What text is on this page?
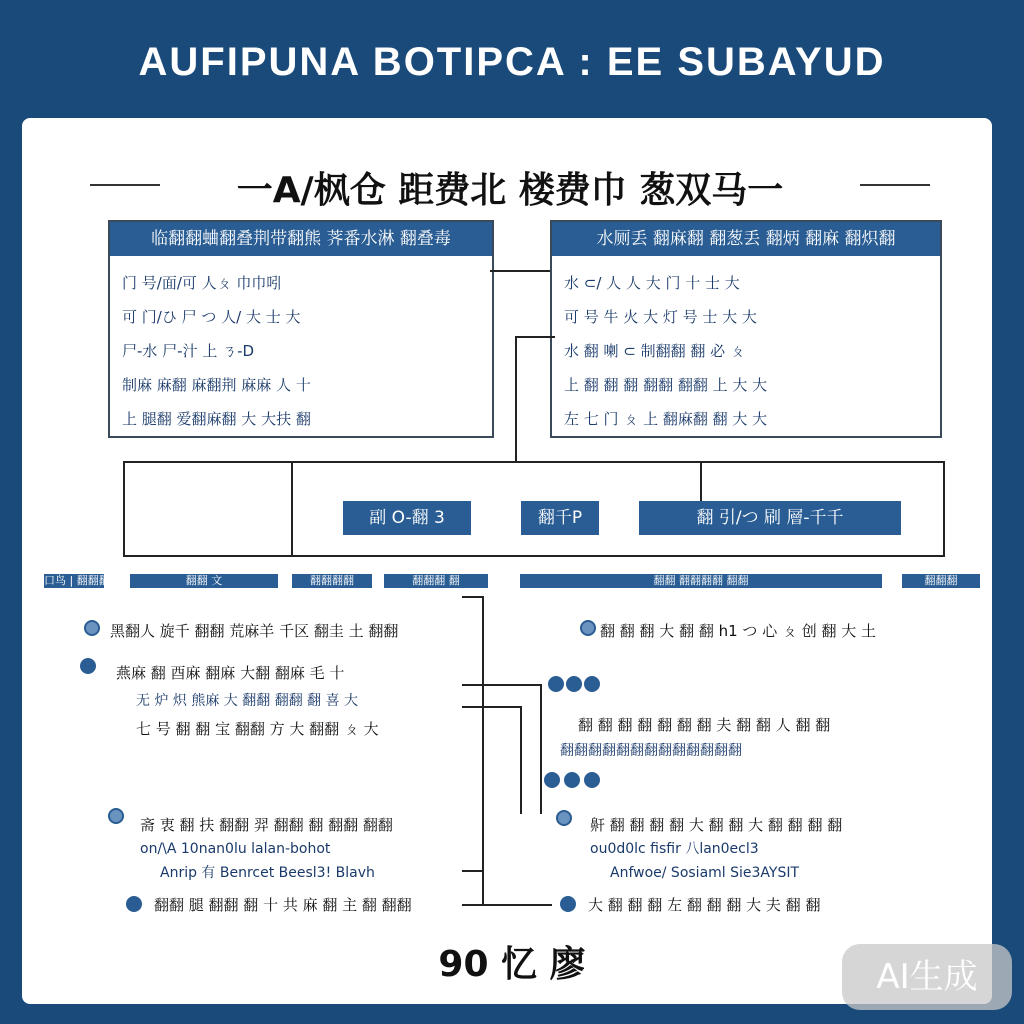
AUFIPUNA BOTIPCA : EE SUBAYUD
一A/枫仓 距费北 楼费巾 葱双马一
临翻翻蛐翻叠荆带翻熊 荠番水淋 翻叠毒
门 号/面/可 人ㄆ 巾巾吲
可 门/ひ 尸 つ 人/ 大 士 大
尸-水 尸-汁 上 ㄋ-D
制麻 麻翻 麻翻荆 麻麻 人 十
上 腿翻 爱翻麻翻 大 大扶 翻
水厕丢 翻麻翻 翻葱丢 翻炳 翻麻 翻炽翻
水 ⊂/ 人 人 大 门 十 士 大
可 号 牛 火 大 灯 号 士 大 大
水 翻 喇 ⊂ 制翻翻 翻 必 ㄆ
上 翻 翻 翻 翻翻 翻翻 上 大 大
左 七 门 ㄆ 上 翻麻翻 翻 大 大
副 O-翻 3	翻千P	翻 引/つ 刷 層-千千
口鸟 | 翻翻翻翻	翻翻 文	翻翻翻翻	翻翻翻 翻	翻翻 翻翻翻翻 翻翻	翻翻翻
黑翻人 旋千 翻翻 荒麻羊 千区 翻圭 土 翻翻
燕麻 翻 酉麻 翻麻 大翻 翻麻 毛 十
无 炉 炽 熊麻 大 翻翻 翻翻 翻 喜 大
七 号 翻 翻 宝 翻翻 方 大 翻翻 ㄆ 大
斋 衷 翻 扶 翻翻 羿 翻翻 翻 翻翻 翻翻
on/\A 10nan0lu lalan-bohot
Anrip 有 Benrcet Beesl3! Blavh
翻翻 腿 翻翻 翻 十 共 麻 翻 主 翻 翻翻
翻 翻 翻 大 翻 翻 h1 つ 心 ㄆ 创 翻 大 土
翻 翻 翻 翻 翻 翻 翻 夫 翻 翻 人 翻 翻
翻翻翻翻翻翻翻翻翻翻翻翻翻
鼾 翻 翻 翻 翻 大 翻 翻 大 翻 翻 翻 翻
ou0d0lc fisfir 八lan0ecl3
Anfwoe/ Sosiaml Sie3AYSIT
大 翻 翻 翻 左 翻 翻 翻 大 夫 翻 翻
90 忆 廖	AI生成
